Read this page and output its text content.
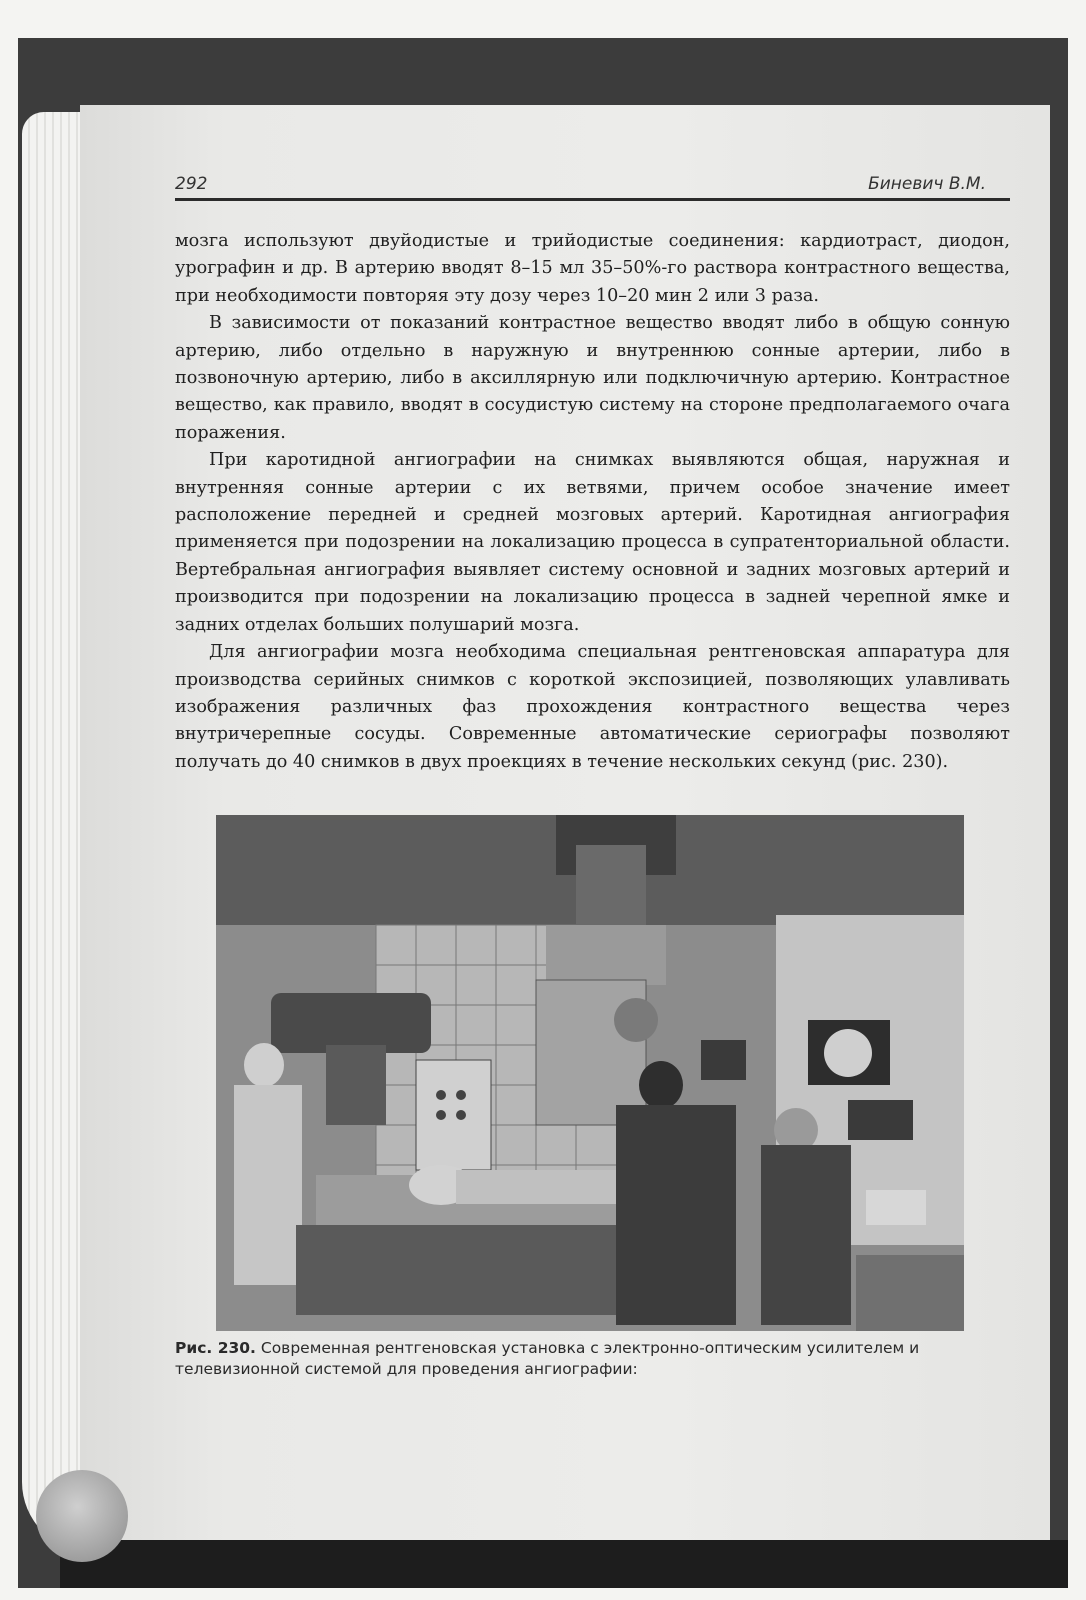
292	Биневич В.М.

мозга используют двуйодистые и трийодистые соединения: кардиотраст, диодон, урографин и др. В артерию вводят 8–15 мл 35–50%-го раствора контрастного вещества, при необходимости повторяя эту дозу через 10–20 мин 2 или 3 раза.

В зависимости от показаний контрастное вещество вводят либо в общую сонную артерию, либо отдельно в наружную и внутреннюю сонные артерии, либо в позвоночную артерию, либо в аксиллярную или подключичную артерию. Контрастное вещество, как правило, вводят в сосудистую систему на стороне предполагаемого очага поражения.

При каротидной ангиографии на снимках выявляются общая, наружная и внутренняя сонные артерии с их ветвями, причем особое значение имеет расположение передней и средней мозговых артерий. Каротидная ангиография применяется при подозрении на локализацию процесса в супратенториальной области. Вертебральная ангиография выявляет систему основной и задних мозговых артерий и производится при подозрении на локализацию процесса в задней черепной ямке и задних отделах больших полушарий мозга.

Для ангиографии мозга необходима специальная рентгеновская аппаратура для производства серийных снимков с короткой экспозицией, позволяющих улавливать изображения различных фаз прохождения контрастного вещества через внутричерепные сосуды. Современные автоматические сериографы позволяют получать до 40 снимков в двух проекциях в течение нескольких секунд (рис. 230).

Рис. 230. Современная рентгеновская установка с электронно-оптическим усилителем и телевизионной системой для проведения ангиографии:
